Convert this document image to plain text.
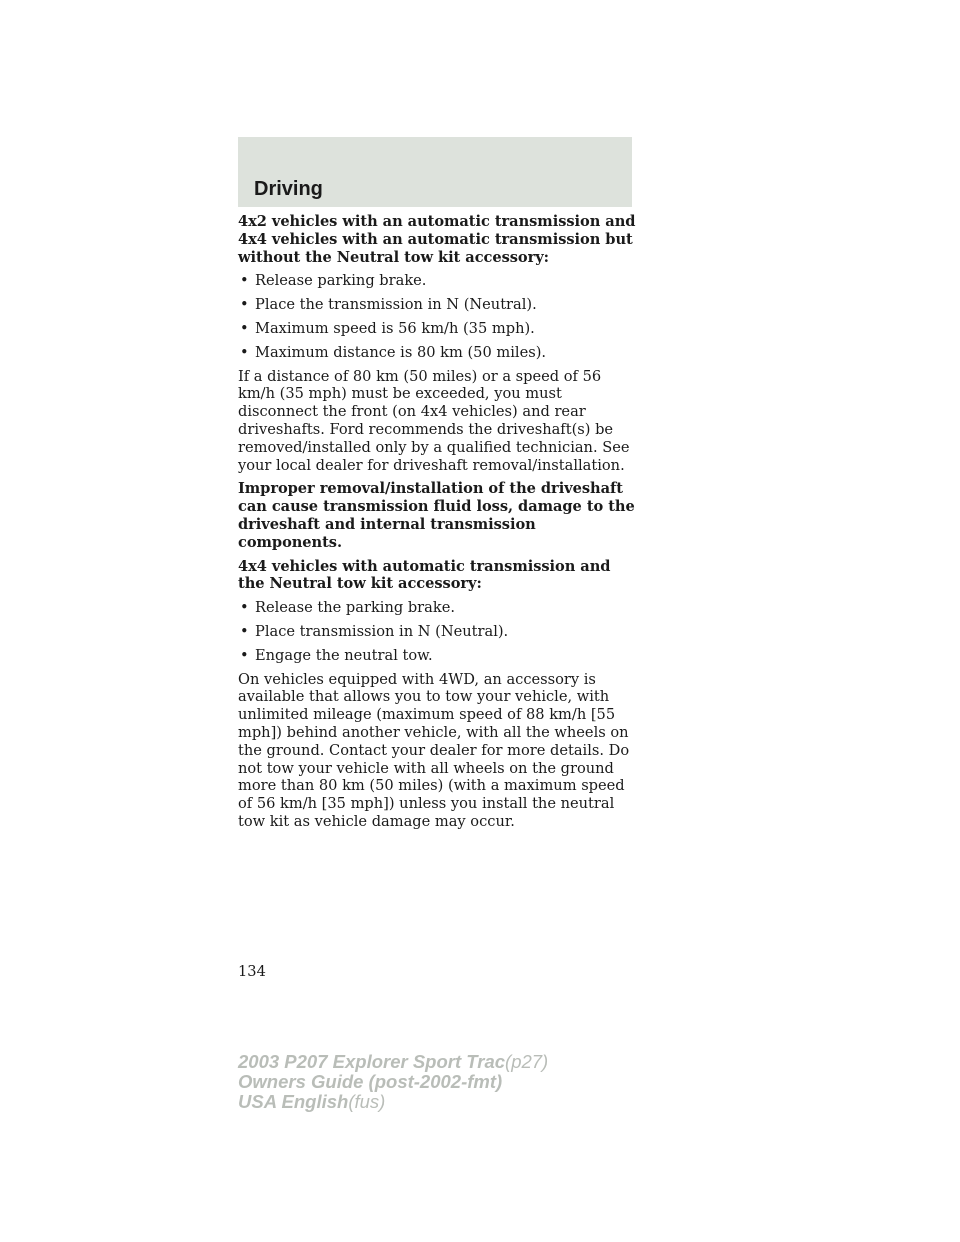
Driving

4x2 vehicles with an automatic transmission and 4x4 vehicles with an automatic transmission but without the Neutral tow kit accessory:

• Release parking brake.
• Place the transmission in N (Neutral).
• Maximum speed is 56 km/h (35 mph).
• Maximum distance is 80 km (50 miles).

If a distance of 80 km (50 miles) or a speed of 56 km/h (35 mph) must be exceeded, you must disconnect the front (on 4x4 vehicles) and rear driveshafts. Ford recommends the driveshaft(s) be removed/installed only by a qualified technician. See your local dealer for driveshaft removal/installation.

Improper removal/installation of the driveshaft can cause transmission fluid loss, damage to the driveshaft and internal transmission components.

4x4 vehicles with automatic transmission and the Neutral tow kit accessory:

• Release the parking brake.
• Place transmission in N (Neutral).
• Engage the neutral tow.

On vehicles equipped with 4WD, an accessory is available that allows you to tow your vehicle, with unlimited mileage (maximum speed of 88 km/h [55 mph]) behind another vehicle, with all the wheels on the ground. Contact your dealer for more details. Do not tow your vehicle with all wheels on the ground more than 80 km (50 miles) (with a maximum speed of 56 km/h [35 mph]) unless you install the neutral tow kit as vehicle damage may occur.

134
2003 P207 Explorer Sport Trac(p27)
Owners Guide (post-2002-fmt)
USA English(fus)
